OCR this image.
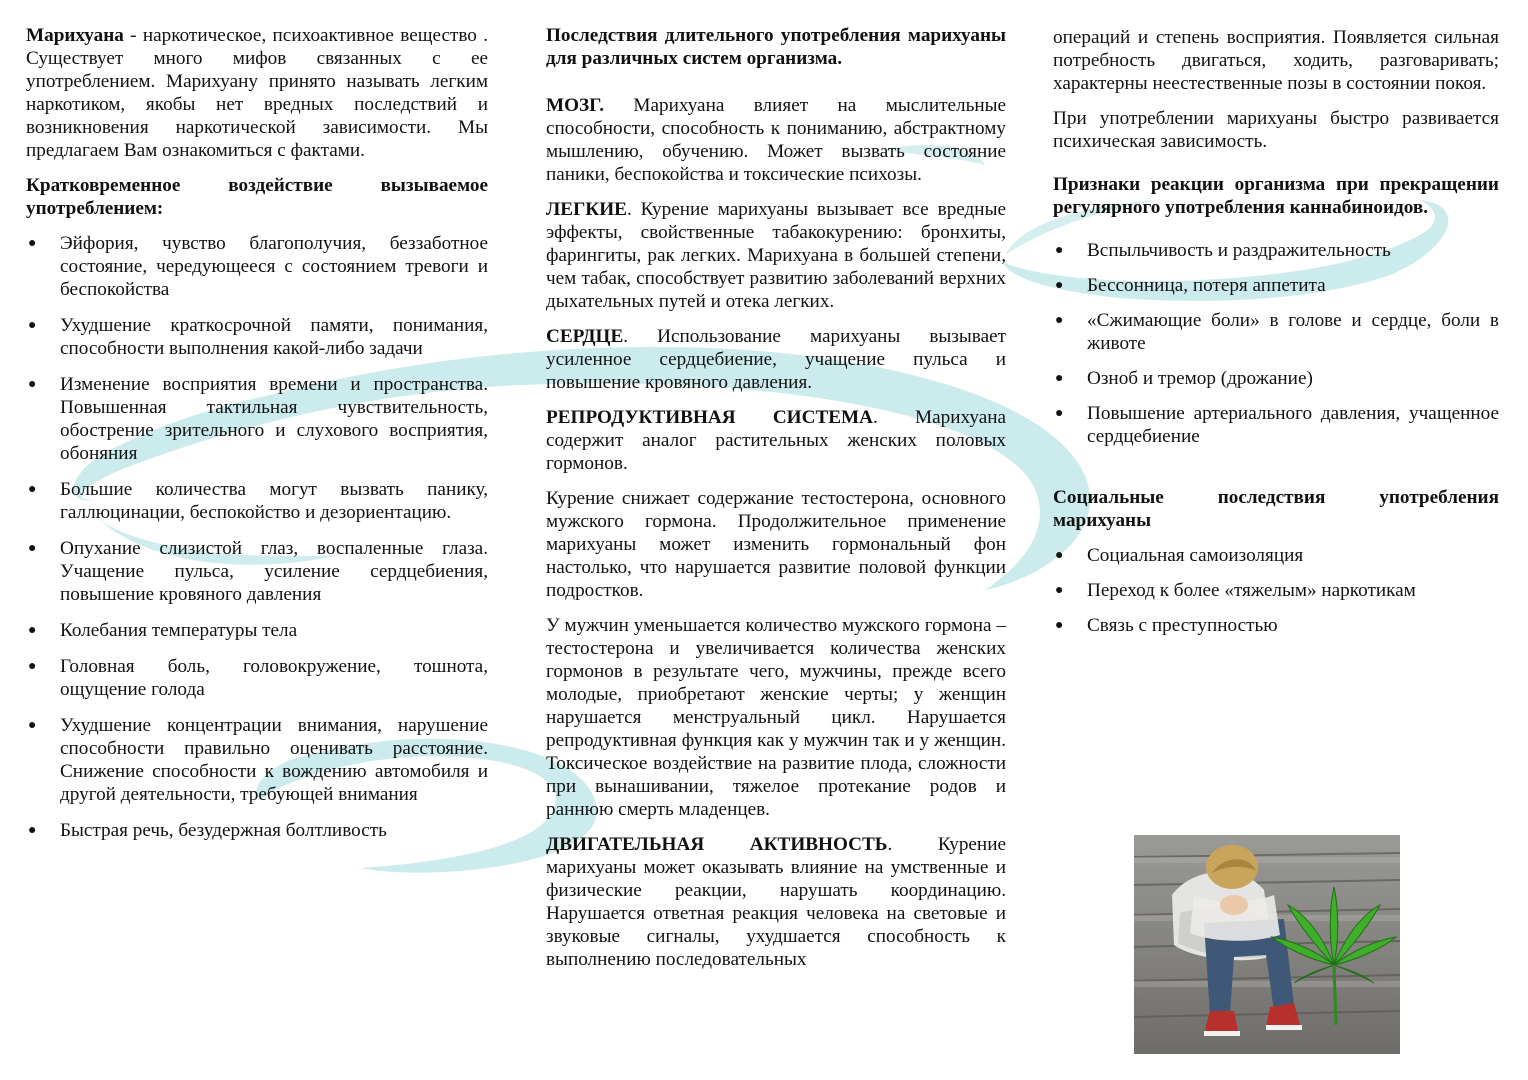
Марихуана - наркотическое, психоактивное вещество . Существует много мифов связанных с ее употреблением. Марихуану принято называть легким наркотиком, якобы нет вредных последствий и возникновения наркотической зависимости. Мы предлагаем Вам ознакомиться с фактами.

Кратковременное воздействие вызываемое употреблением:
● Эйфория, чувство благополучия, беззаботное состояние, чередующееся с состоянием тревоги и беспокойства
● Ухудшение краткосрочной памяти, понимания, способности выполнения какой-либо задачи
● Изменение восприятия времени и пространства. Повышенная тактильная чувствительность, обострение зрительного и слухового восприятия, обоняния
● Большие количества могут вызвать панику, галлюцинации, беспокойство и дезориентацию.
● Опухание слизистой глаз, воспаленные глаза. Учащение пульса, усиление сердцебиения, повышение кровяного давления
● Колебания температуры тела
● Головная боль, головокружение, тошнота, ощущение голода
● Ухудшение концентрации внимания, нарушение способности правильно оценивать расстояние. Снижение способности к вождению автомобиля и другой деятельности, требующей внимания
● Быстрая речь, безудержная болтливость
Последствия длительного употребления марихуаны для различных систем организма.

МОЗГ. Марихуана влияет на мыслительные способности, способность к пониманию, абстрактному мышлению, обучению. Может вызвать состояние паники, беспокойства и токсические психозы.

ЛЕГКИЕ. Курение марихуаны вызывает все вредные эффекты, свойственные табакокурению: бронхиты, фарингиты, рак легких. Марихуана в большей степени, чем табак, способствует развитию заболеваний верхних дыхательных путей и отека легких.

СЕРДЦЕ. Использование марихуаны вызывает усиленное сердцебиение, учащение пульса и повышение кровяного давления.

РЕПРОДУКТИВНАЯ СИСТЕМА. Марихуана содержит аналог растительных женских половых гормонов.

Курение снижает содержание тестостерона, основного мужского гормона. Продолжительное применение марихуаны может изменить гормональный фон настолько, что нарушается развитие половой функции подростков.

У мужчин уменьшается количество мужского гормона – тестостерона и увеличивается количества женских гормонов в результате чего, мужчины, прежде всего молодые, приобретают женские черты; у женщин нарушается менструальный цикл. Нарушается репродуктивная функция как у мужчин так и у женщин. Токсическое воздействие на развитие плода, сложности при вынашивании, тяжелое протекание родов и раннюю смерть младенцев.

ДВИГАТЕЛЬНАЯ АКТИВНОСТЬ. Курение марихуаны может оказывать влияние на умственные и физические реакции, нарушать координацию. Нарушается ответная реакция человека на световые и звуковые сигналы, ухудшается способность к выполнению последовательных

операций и степень восприятия. Появляется сильная потребность двигаться, ходить, разговаривать; характерны неестественные позы в состоянии покоя.

При употреблении марихуаны быстро развивается психическая зависимость.

Признаки реакции организма при прекращении регулярного употребления каннабиноидов.
● Вспыльчивость и раздражительность
● Бессонница, потеря аппетита
● «Сжимающие боли» в голове и сердце, боли в животе
● Озноб и тремор (дрожание)
● Повышение артериального давления, учащенное сердцебиение
Социальные последствия употребления марихуаны
● Социальная самоизоляция
● Переход к более «тяжелым» наркотикам
● Связь с преступностью
